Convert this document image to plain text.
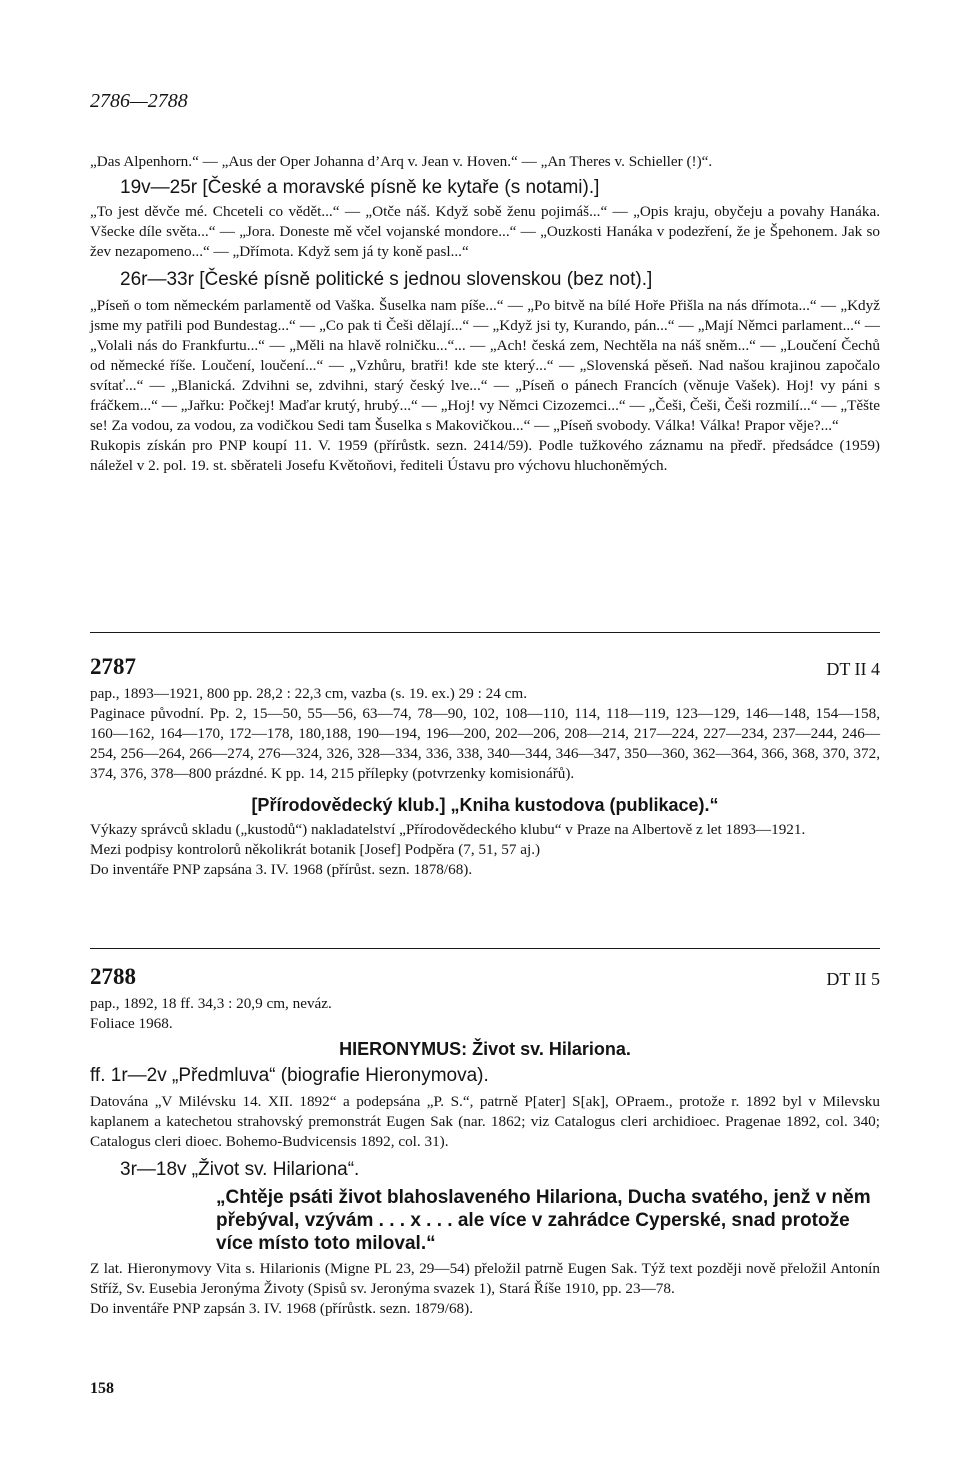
2786—2788

„Das Alpenhorn.“ — „Aus der Oper Johanna d’Arq v. Jean v. Hoven.“ — „An Theres v. Schieller (!)“.

19v—25r [České a moravské písně ke kytaře (s notami).]

„To jest děvče mé. Chceteli co vědět...“ — „Otče náš. Když sobě ženu pojimáš...“ — „Opis kraju, obyčeju a povahy Hanáka. Všecke díle světa...“ — „Jora. Doneste mě včel vojanské mondore...“ — „Ouzkosti Hanáka v podezření, že je Špehonem. Jak so žev nezapomeno...“ — „Dřímota. Když sem já ty koně pasl...“

26r—33r [České písně politické s jednou slovenskou (bez not).]

„Píseň o tom německém parlamentě od Vaška. Šuselka nam píše...“ — „Po bitvě na bílé Hoře Přišla na nás dřímota...“ — „Když jsme my patřili pod Bundestag...“ — „Co pak ti Češi dělají...“ — „Když jsi ty, Kurando, pán...“ — „Mají Němci parlament...“ — „Volali nás do Frankfurtu...“ — „Měli na hlavě rolničku...“... — „Ach! česká zem, Nechtěla na náš sněm...“ — „Loučení Čechů od německé říše. Loučení, loučení...“ — „Vzhůru, bratři! kde ste který...“ — „Slovenská pěseň. Nad našou krajinou započalo svítať...“ — „Blanická. Zdvihni se, zdvihni, starý český lve...“ — „Píseň o pánech Francích (věnuje Vašek). Hoj! vy páni s fráčkem...“ — „Jařku: Počkej! Maďar krutý, hrubý...“ — „Hoj! vy Němci Cizozemci...“ — „Češi, Češi, Češi rozmilí...“ — „Těšte se! Za vodou, za vodou, za vodičkou Sedi tam Šuselka s Makovičkou...“ — „Píseň svobody. Válka! Válka! Prapor věje?...“

Rukopis získán pro PNP koupí 11. V. 1959 (přírůstk. sezn. 2414/59). Podle tužkového záznamu na předř. předsádce (1959) náležel v 2. pol. 19. st. sběrateli Josefu Květoňovi, řediteli Ústavu pro výchovu hluchoněmých.

2787	DT II 4

pap., 1893—1921, 800 pp. 28,2 : 22,3 cm, vazba (s. 19. ex.) 29 : 24 cm.

Paginace původní. Pp. 2, 15—50, 55—56, 63—74, 78—90, 102, 108—110, 114, 118—119, 123—129, 146—148, 154—158, 160—162, 164—170, 172—178, 180,188, 190—194, 196—200, 202—206, 208—214, 217—224, 227—234, 237—244, 246—254, 256—264, 266—274, 276—324, 326, 328—334, 336, 338, 340—344, 346—347, 350—360, 362—364, 366, 368, 370, 372, 374, 376, 378—800 prázdné. K pp. 14, 215 přílepky (potvrzenky komisionářů).

[Přírodovědecký klub.] „Kniha kustodova (publikace).“

Výkazy správců skladu („kustodů“) nakladatelství „Přírodovědeckého klubu“ v Praze na Albertově z let 1893—1921.

Mezi podpisy kontrolorů několikrát botanik [Josef] Podpěra (7, 51, 57 aj.)

Do inventáře PNP zapsána 3. IV. 1968 (přírůst. sezn. 1878/68).

2788	DT II 5

pap., 1892, 18 ff. 34,3 : 20,9 cm, neváz.

Foliace 1968.

HIERONYMUS: Život sv. Hilariona.

ff. 1r—2v „Předmluva“ (biografie Hieronymova).

Datována „V Milévsku 14. XII. 1892“ a podepsána „P. S.“, patrně P[ater] S[ak], OPraem., protože r. 1892 byl v Milevsku kaplanem a katechetou strahovský premonstrát Eugen Sak (nar. 1862; viz Catalogus cleri archidioec. Pragenae 1892, col. 340; Catalogus cleri dioec. Bohemo-Budvicensis 1892, col. 31).

3r—18v „Život sv. Hilariona“.

„Chtěje psáti život blahoslaveného Hilariona, Ducha svatého, jenž v něm přebýval, vzývám . . . x . . . ale více v zahrádce Cyperské, snad protože více místo toto miloval.“

Z lat. Hieronymovy Vita s. Hilarionis (Migne PL 23, 29—54) přeložil patrně Eugen Sak. Týž text později nově přeložil Antonín Stříž, Sv. Eusebia Jeronýma Životy (Spisů sv. Jeronýma svazek 1), Stará Říše 1910, pp. 23—78.

Do inventáře PNP zapsán 3. IV. 1968 (přírůstk. sezn. 1879/68).

158
